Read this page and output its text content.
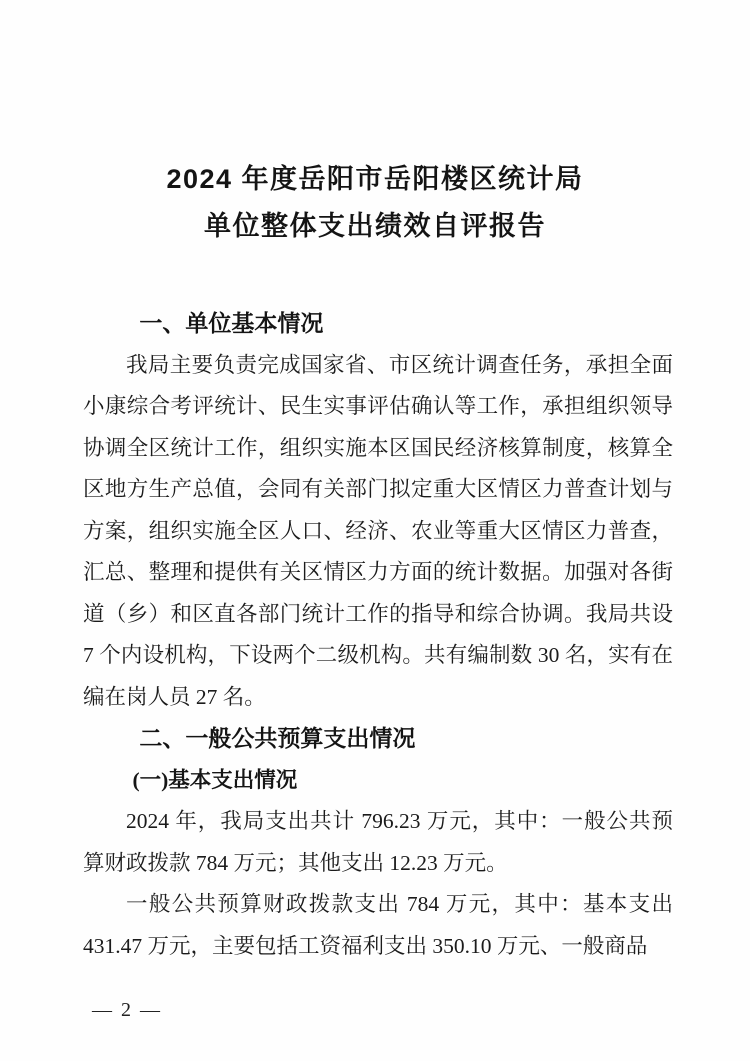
2024 年度岳阳市岳阳楼区统计局
单位整体支出绩效自评报告
一、单位基本情况

我局主要负责完成国家省、市区统计调查任务，承担全面小康综合考评统计、民生实事评估确认等工作，承担组织领导协调全区统计工作，组织实施本区国民经济核算制度，核算全区地方生产总值，会同有关部门拟定重大区情区力普查计划与方案，组织实施全区人口、经济、农业等重大区情区力普查，汇总、整理和提供有关区情区力方面的统计数据。加强对各街道（乡）和区直各部门统计工作的指导和综合协调。我局共设 7 个内设机构，下设两个二级机构。共有编制数 30 名，实有在编在岗人员 27 名。

二、一般公共预算支出情况
(一)基本支出情况

2024 年，我局支出共计 796.23 万元，其中：一般公共预算财政拨款 784 万元；其他支出 12.23 万元。

一般公共预算财政拨款支出 784 万元，其中：基本支出 431.47 万元，主要包括工资福利支出 350.10 万元、一般商品

— 2 —
